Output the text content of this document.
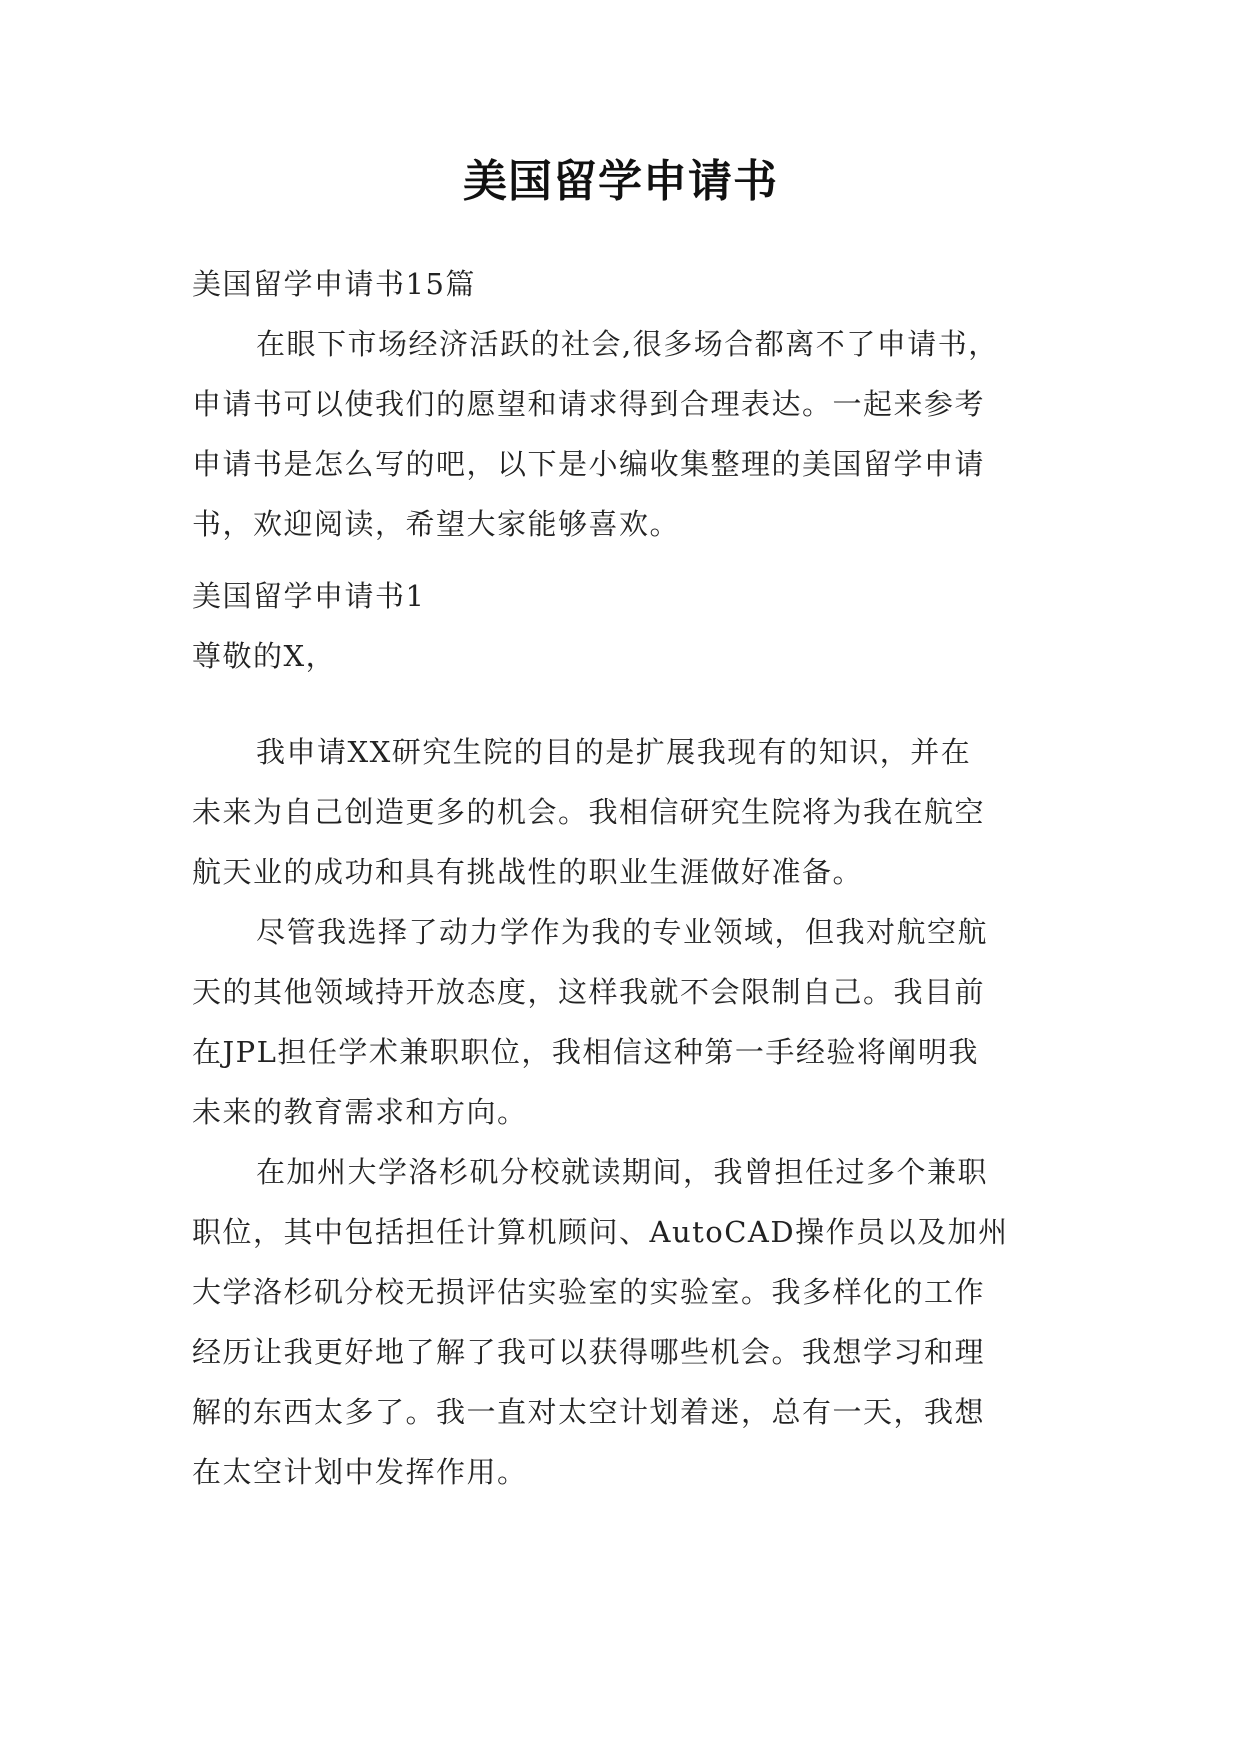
美国留学申请书
美国留学申请书15篇
在眼下市场经济活跃的社会,很多场合都离不了申请书，
申请书可以使我们的愿望和请求得到合理表达。一起来参考
申请书是怎么写的吧，以下是小编收集整理的美国留学申请
书，欢迎阅读，希望大家能够喜欢。
美国留学申请书1
尊敬的X，
我申请XX研究生院的目的是扩展我现有的知识，并在
未来为自己创造更多的机会。我相信研究生院将为我在航空
航天业的成功和具有挑战性的职业生涯做好准备。
尽管我选择了动力学作为我的专业领域，但我对航空航
天的其他领域持开放态度，这样我就不会限制自己。我目前
在JPL担任学术兼职职位，我相信这种第一手经验将阐明我
未来的教育需求和方向。
在加州大学洛杉矶分校就读期间，我曾担任过多个兼职
职位，其中包括担任计算机顾问、AutoCAD操作员以及加州
大学洛杉矶分校无损评估实验室的实验室。我多样化的工作
经历让我更好地了解了我可以获得哪些机会。我想学习和理
解的东西太多了。我一直对太空计划着迷，总有一天，我想
在太空计划中发挥作用。
